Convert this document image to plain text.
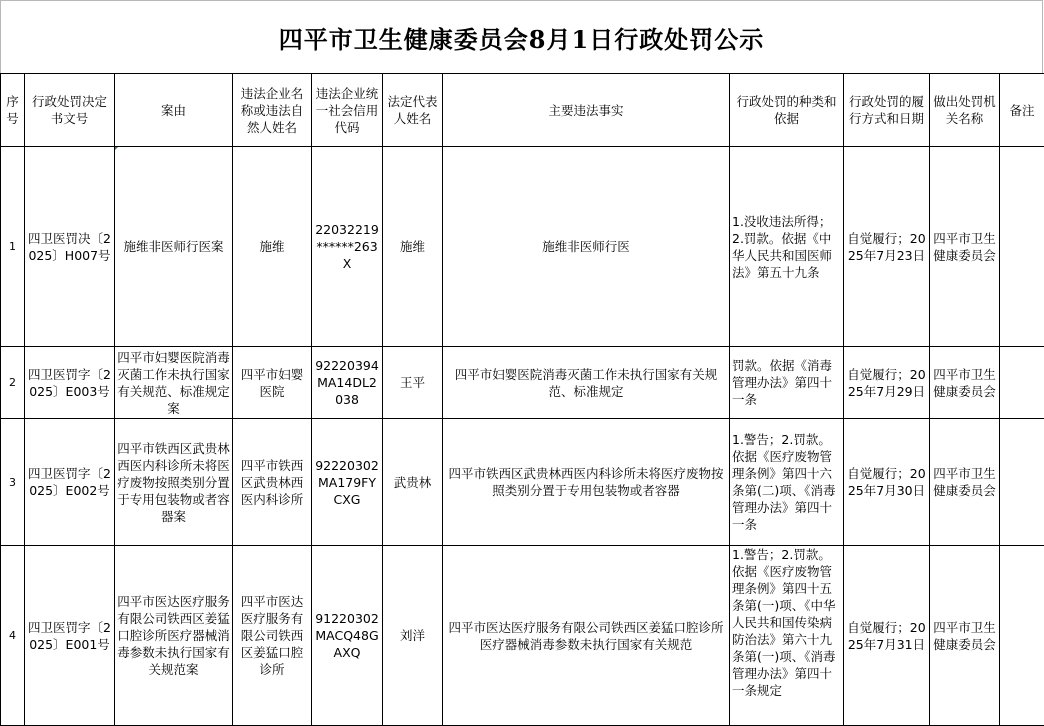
四平市卫生健康委员会8月1日行政处罚公示
序号	行政处罚决定书文号	案由	违法企业名称或违法自然人姓名	违法企业统一社会信用代码	法定代表人姓名	主要违法事实	行政处罚的种类和依据	行政处罚的履行方式和日期	做出处罚机关名称	备注
1	四卫医罚决〔2025〕H007号	施维非医师行医案	施维	22032219******263X	施维	施维非医师行医	1.没收违法所得；2.罚款。依据《中华人民共和国医师法》第五十九条	自觉履行；2025年7月23日	四平市卫生健康委员会	
2	四卫医罚字〔2025〕E003号	四平市妇婴医院消毒灭菌工作未执行国家有关规范、标准规定案	四平市妇婴医院	92220394MA14DL2038	王平	四平市妇婴医院消毒灭菌工作未执行国家有关规范、标准规定	罚款。依据《消毒管理办法》第四十一条	自觉履行；2025年7月29日	四平市卫生健康委员会	
3	四卫医罚字〔2025〕E002号	四平市铁西区武贵林西医内科诊所未将医疗废物按照类别分置于专用包装物或者容器案	四平市铁西区武贵林西医内科诊所	92220302MA179FYCXG	武贵林	四平市铁西区武贵林西医内科诊所未将医疗废物按照类别分置于专用包装物或者容器	1.警告；2.罚款。依据《医疗废物管理条例》第四十六条第(二)项、《消毒管理办法》第四十一条	自觉履行；2025年7月30日	四平市卫生健康委员会	
4	四卫医罚字〔2025〕E001号	四平市医达医疗服务有限公司铁西区姜猛口腔诊所医疗器械消毒参数未执行国家有关规范案	四平市医达医疗服务有限公司铁西区姜猛口腔诊所	91220302MACQ48GAXQ	刘洋	四平市医达医疗服务有限公司铁西区姜猛口腔诊所医疗器械消毒参数未执行国家有关规范	1.警告；2.罚款。依据《医疗废物管理条例》第四十五条第(一)项、《中华人民共和国传染病防治法》第六十九条第(一)项、《消毒管理办法》第四十一条规定	自觉履行；2025年7月31日	四平市卫生健康委员会	
